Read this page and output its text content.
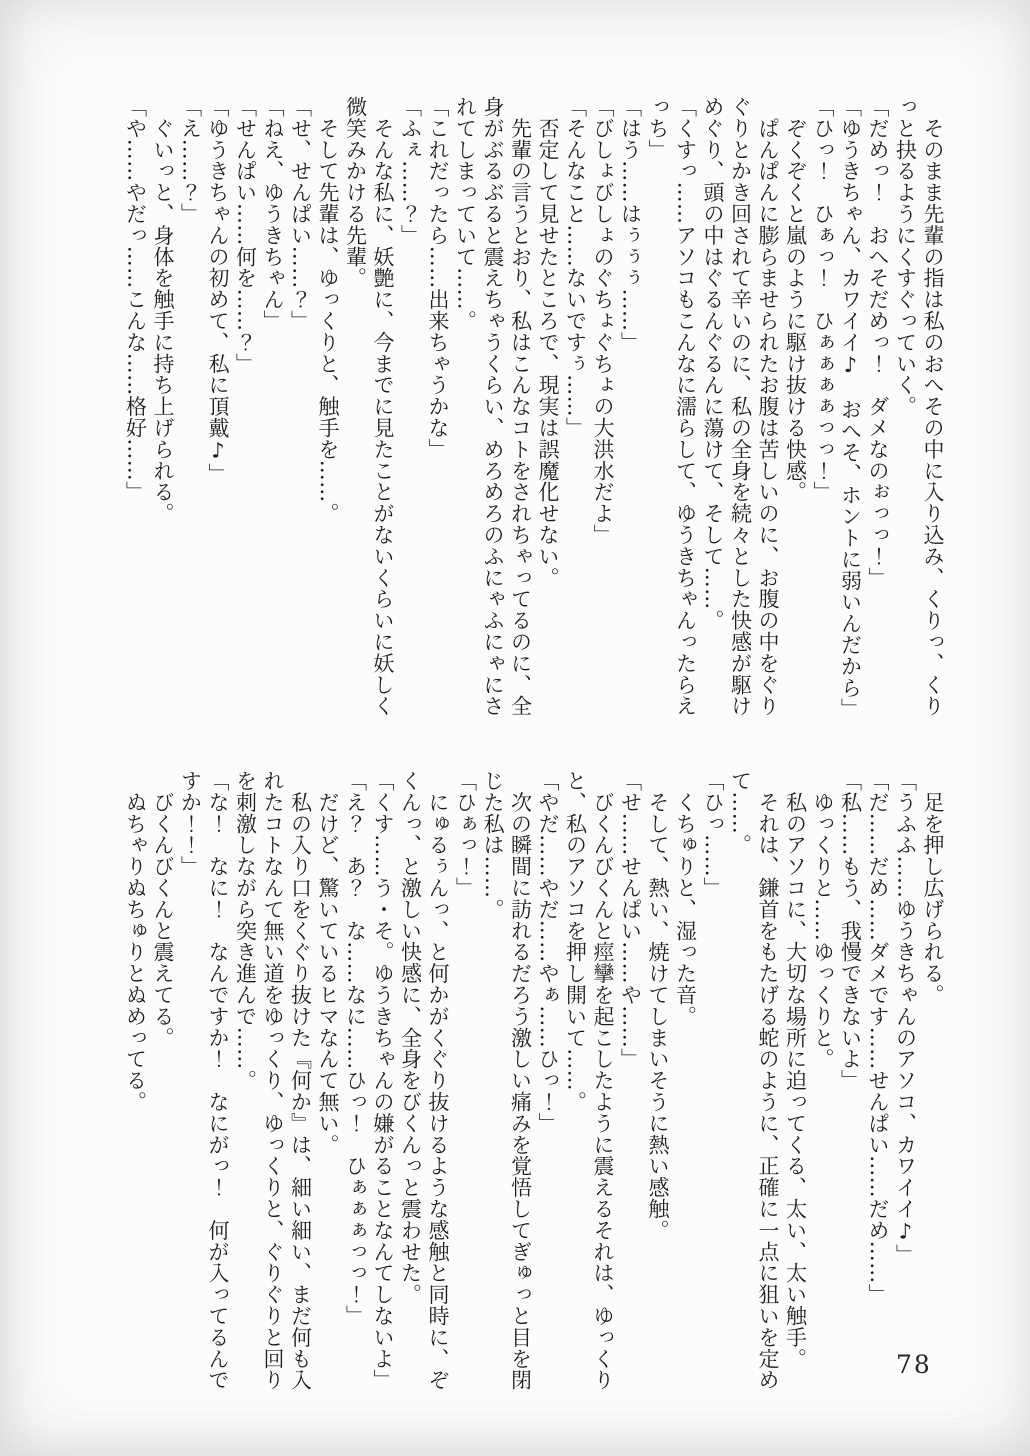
　そのまま先輩の指は私のおへその中に入り込み、くりっ、くり

っと抉るようにくすぐっていく。

「だめっ！　おへそだめっ！　ダメなのぉっっ！」

「ゆうきちゃん、カワイイ♪　おへそ、ホントに弱いんだから」

「ひっ！　ひぁっ！　ひぁぁぁぁっっ！」

　ぞくぞくと嵐のように駆け抜ける快感。

　ぱんぱんに膨らませられたお腹は苦しいのに、お腹の中をぐり

ぐりとかき回されて辛いのに、私の全身を続々とした快感が駆け

めぐり、頭の中はぐるんぐるんに蕩けて、そして……。

「くすっ……アソコもこんなに濡らして、ゆうきちゃんったらえ

っち」

「はう……はぅぅぅ……」

「びしょびしょのぐちょぐちょの大洪水だよ」

「そんなこと……ないですぅ……」

　否定して見せたところで、現実は誤魔化せない。

　先輩の言うとおり、私はこんなコトをされちゃってるのに、全

身がぶるぶると震えちゃうくらい、めろめろのふにゃふにゃにさ

れてしまっていて……。

「これだったら……出来ちゃうかな」

「ふぇ……？」

　そんな私に、妖艶に、今までに見たことがないくらいに妖しく

微笑みかける先輩。

　そして先輩は、ゆっくりと、触手を……。

「せ、せんぱい……？」

「ねえ、ゆうきちゃん」

「せんぱい……何を……？」

「ゆうきちゃんの初めて、私に頂戴♪」

「え……？」

　ぐいっと、身体を触手に持ち上げられる。

「や……やだっ……こんな……格好……」

　足を押し広げられる。

「うふふ……ゆうきちゃんのアソコ、カワイイ♪」

「だ……だめ……ダメです……せんぱい……だめ……」

「私……もう、我慢できないよ」

　ゆっくりと……ゆっくりと。

　私のアソコに、大切な場所に迫ってくる、太い、太い触手。

　それは、鎌首をもたげる蛇のように、正確に一点に狙いを定め

て……。

「ひっ……」

　くちゅりと、湿った音。

　そして、熱い、焼けてしまいそうに熱い感触。

「せ……せんぱい……や……」

　びくんびくんと痙攣を起こしたように震えるそれは、ゆっくり

と、私のアソコを押し開いて……。

「やだ……やだ……やぁ……ひっ！」

　次の瞬間に訪れるだろう激しい痛みを覚悟してぎゅっと目を閉

じた私は……。

「ひぁっ！」

　にゅるぅんっ、と何かがくぐり抜けるような感触と同時に、ぞ

くんっ、と激しい快感に、全身をびくんっと震わせた。

「くす……う・そ。ゆうきちゃんの嫌がることなんてしないよ」

「え？　あ？　な……なに……ひっ！　ひぁぁぁっっ！」

　だけど、驚いているヒマなんて無い。

　私の入り口をくぐり抜けた『何か』は、細い細い、まだ何も入

れたコトなんて無い道をゆっくり、ゆっくりと、ぐりぐりと回り

を刺激しながら突き進んで……。

「な！　なに！　なんですか！　なにがっ！　何が入ってるんで

すか！！」

　びくんびくんと震えてる。

　ぬちゃりぬちゅりとぬめってる。

78
